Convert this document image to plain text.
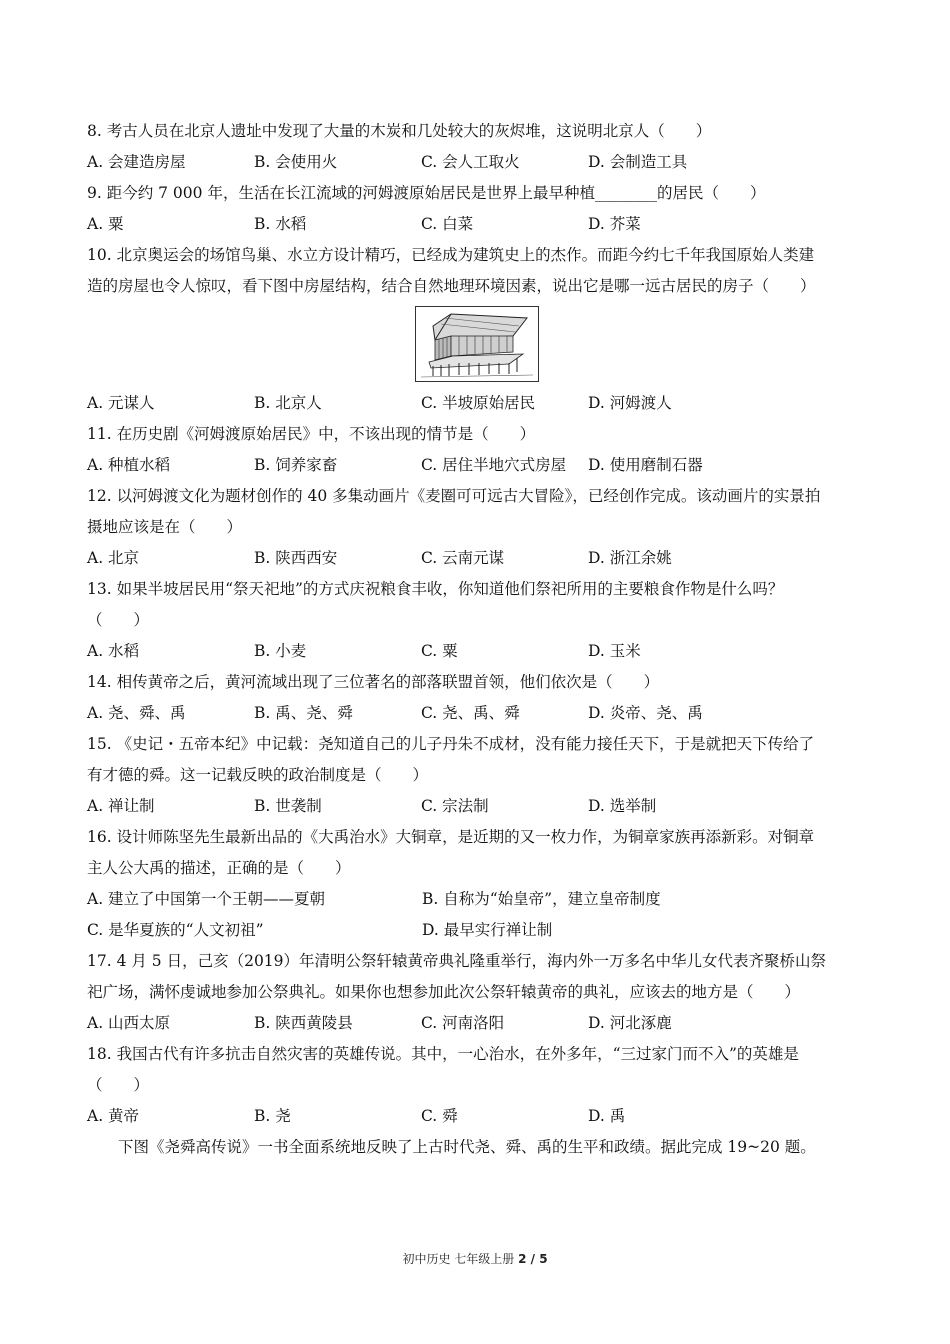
8. 考古人员在北京人遗址中发现了大量的木炭和几处较大的灰烬堆，这说明北京人（　　）
A. 会建造房屋	B. 会使用火	C. 会人工取火	D. 会制造工具
9. 距今约 7 000 年，生活在长江流域的河姆渡原始居民是世界上最早种植________的居民（　　）
A. 粟	B. 水稻	C. 白菜	D. 芥菜
10. 北京奥运会的场馆鸟巢、水立方设计精巧，已经成为建筑史上的杰作。而距今约七千年我国原始人类建
造的房屋也令人惊叹，看下图中房屋结构，结合自然地理环境因素，说出它是哪一远古居民的房子（　　）
A. 元谋人	B. 北京人	C. 半坡原始居民	D. 河姆渡人
11. 在历史剧《河姆渡原始居民》中，不该出现的情节是（　　）
A. 种植水稻	B. 饲养家畜	C. 居住半地穴式房屋	D. 使用磨制石器
12. 以河姆渡文化为题材创作的 40 多集动画片《麦圈可可远古大冒险》，已经创作完成。该动画片的实景拍
摄地应该是在（　　）
A. 北京	B. 陕西西安	C. 云南元谋	D. 浙江余姚
13. 如果半坡居民用“祭天祀地”的方式庆祝粮食丰收，你知道他们祭祀所用的主要粮食作物是什么吗？
（　　）
A. 水稻	B. 小麦	C. 粟	D. 玉米
14. 相传黄帝之后，黄河流域出现了三位著名的部落联盟首领，他们依次是（　　）
A. 尧、舜、禹	B. 禹、尧、舜	C. 尧、禹、舜	D. 炎帝、尧、禹
15. 《史记・五帝本纪》中记载：尧知道自己的儿子丹朱不成材，没有能力接任天下，于是就把天下传给了
有才德的舜。这一记载反映的政治制度是（　　）
A. 禅让制	B. 世袭制	C. 宗法制	D. 选举制
16. 设计师陈坚先生最新出品的《大禹治水》大铜章，是近期的又一枚力作，为铜章家族再添新彩。对铜章
主人公大禹的描述，正确的是（　　）
A. 建立了中国第一个王朝——夏朝	B. 自称为“始皇帝”，建立皇帝制度
C. 是华夏族的“人文初祖”	D. 最早实行禅让制
17. 4 月 5 日，己亥（2019）年清明公祭轩辕黄帝典礼隆重举行，海内外一万多名中华儿女代表齐聚桥山祭
祀广场，满怀虔诚地参加公祭典礼。如果你也想参加此次公祭轩辕黄帝的典礼，应该去的地方是（　　）
A. 山西太原	B. 陕西黄陵县	C. 河南洛阳	D. 河北涿鹿
18. 我国古代有许多抗击自然灾害的英雄传说。其中，一心治水，在外多年，“三过家门而不入”的英雄是
（　　）
A. 黄帝	B. 尧	C. 舜	D. 禹
下图《尧舜高传说》一书全面系统地反映了上古时代尧、舜、禹的生平和政绩。据此完成 19~20 题。
初中历史 七年级上册 2 / 5
